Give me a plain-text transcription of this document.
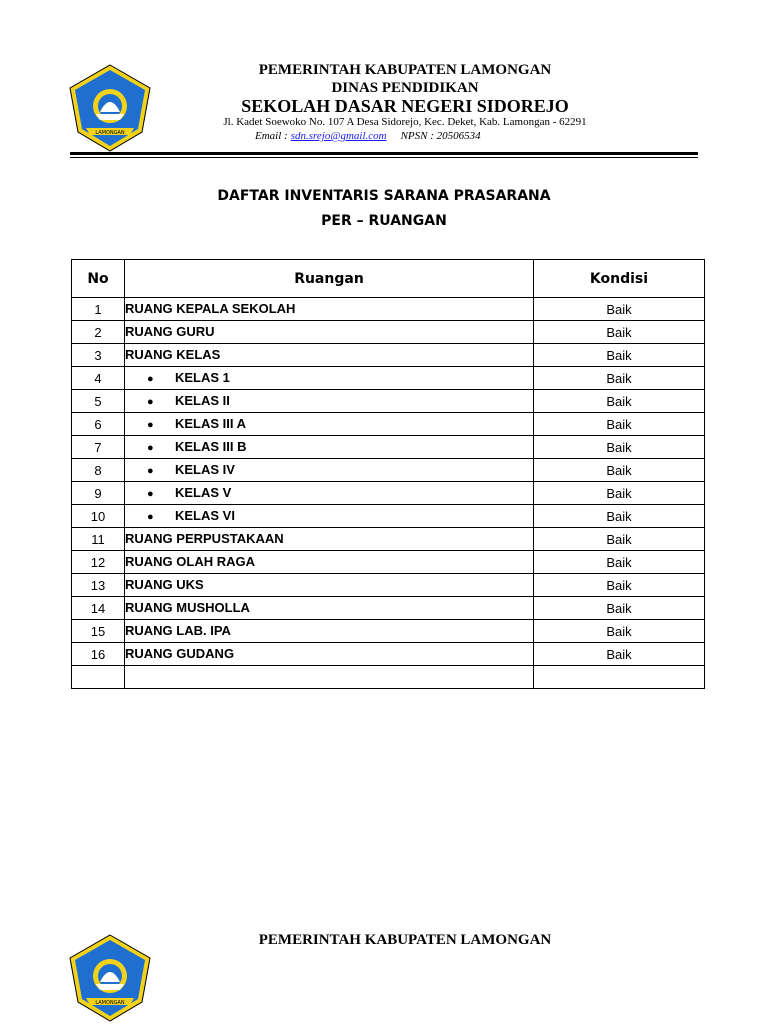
LAMONGAN
PEMERINTAH KABUPATEN LAMONGAN
DINAS PENDIDIKAN
SEKOLAH DASAR NEGERI SIDOREJO
Jl. Kadet Soewoko No. 107 A Desa Sidorejo, Kec. Deket, Kab. Lamongan - 62291
Email : sdn.srejo@gmail.com NPSN : 20506534
DAFTAR INVENTARIS SARANA PRASARANA
PER – RUANGAN
No	Ruangan	Kondisi
1	RUANG KEPALA SEKOLAH	Baik
2	RUANG GURU	Baik
3	RUANG KELAS	Baik
4	● KELAS 1	Baik
5	● KELAS II	Baik
6	● KELAS III A	Baik
7	● KELAS III B	Baik
8	● KELAS IV	Baik
9	● KELAS V	Baik
10	● KELAS VI	Baik
11	RUANG PERPUSTAKAAN	Baik
12	RUANG OLAH RAGA	Baik
13	RUANG UKS	Baik
14	RUANG MUSHOLLA	Baik
15	RUANG LAB. IPA	Baik
16	RUANG GUDANG	Baik

LAMONGAN
PEMERINTAH KABUPATEN LAMONGAN
